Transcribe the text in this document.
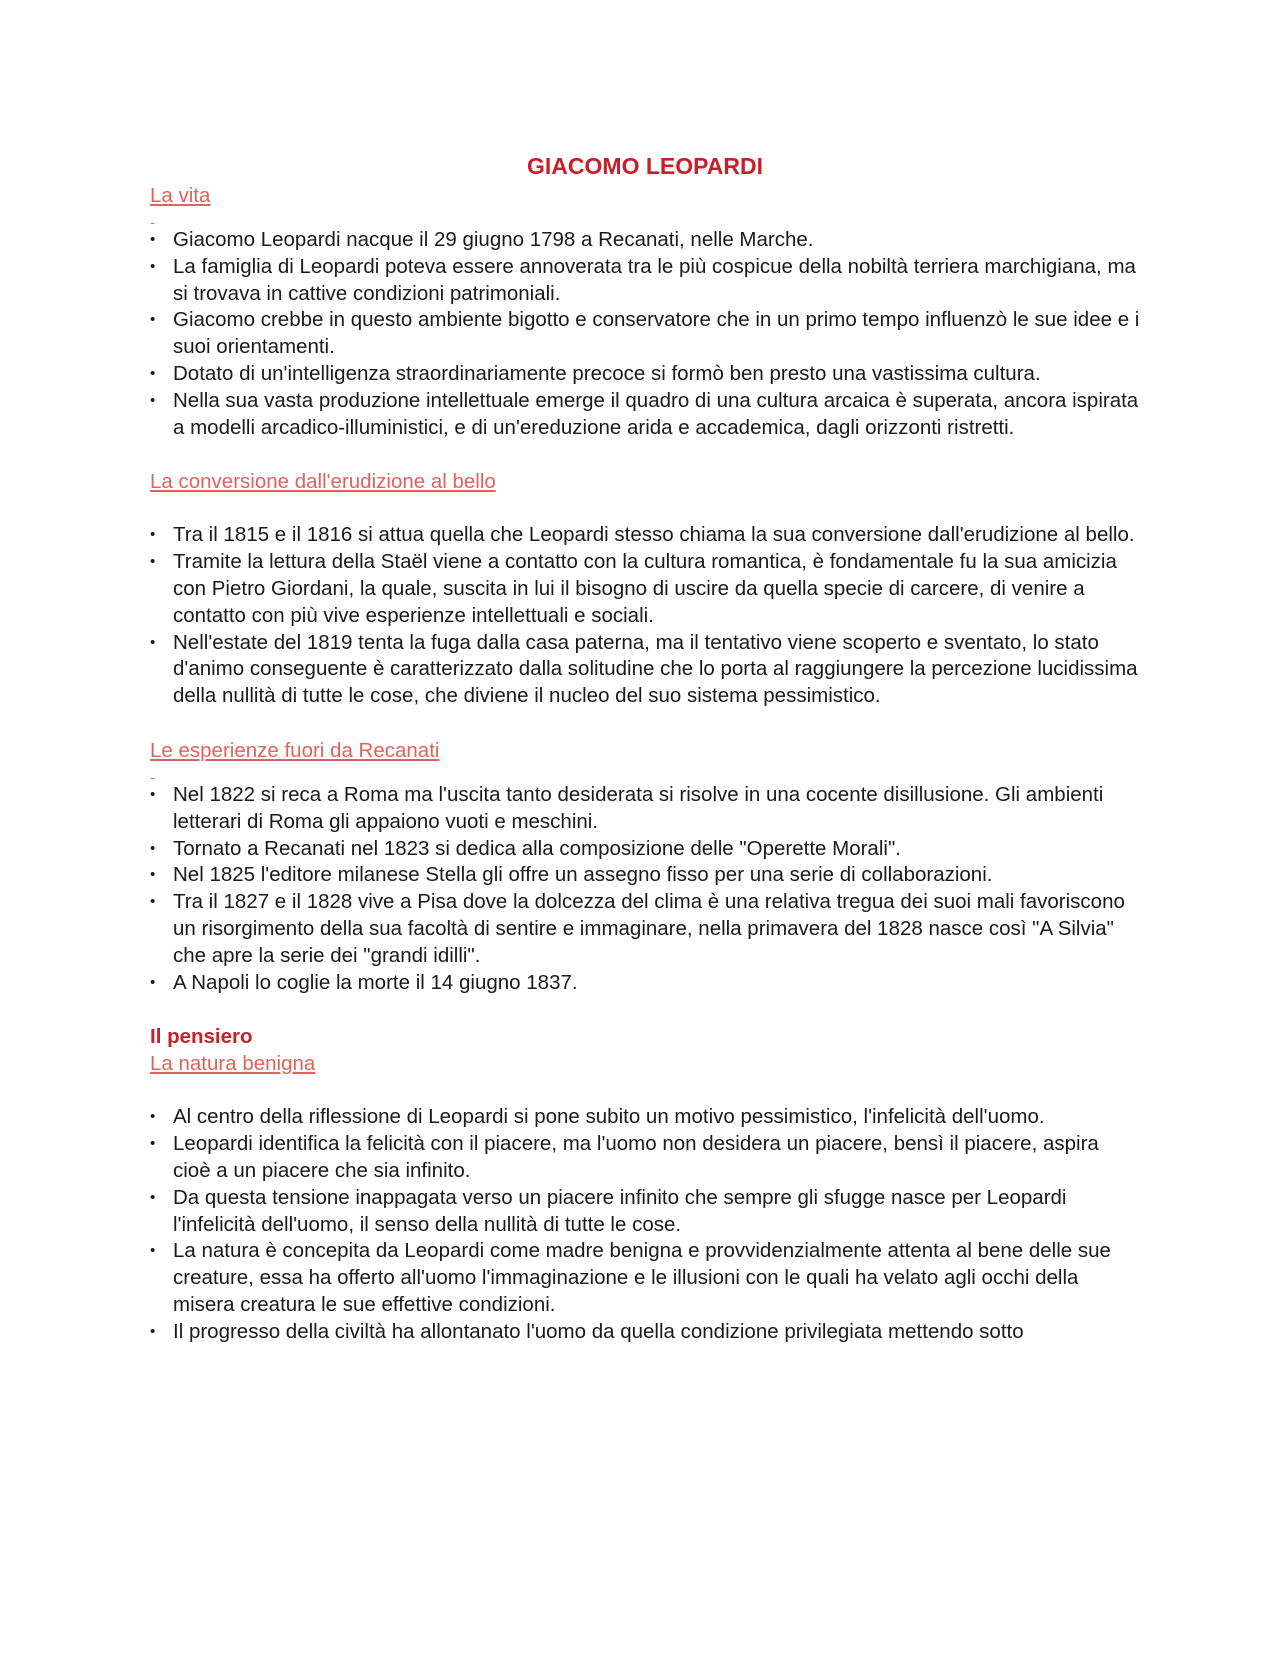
GIACOMO LEOPARDI
La vita

• Giacomo Leopardi nacque il 29 giugno 1798 a Recanati, nelle Marche.
• La famiglia di Leopardi poteva essere annoverata tra le più cospicue della nobiltà terriera marchigiana, ma si trovava in cattive condizioni patrimoniali.
• Giacomo crebbe in questo ambiente bigotto e conservatore che in un primo tempo influenzò le sue idee e i suoi orientamenti.
• Dotato di un'intelligenza straordinariamente precoce si formò ben presto una vastissima cultura.
• Nella sua vasta produzione intellettuale emerge il quadro di una cultura arcaica è superata, ancora ispirata a modelli arcadico-illuministici, e di un'ereduzione arida e accademica, dagli orizzonti ristretti.
La conversione dall'erudizione al bello
• Tra il 1815 e il 1816 si attua quella che Leopardi stesso chiama la sua conversione dall'erudizione al bello.
• Tramite la lettura della Staël viene a contatto con la cultura romantica, è fondamentale fu la sua amicizia con Pietro Giordani, la quale, suscita in lui il bisogno di uscire da quella specie di carcere, di venire a contatto con più vive esperienze intellettuali e sociali.
• Nell'estate del 1819 tenta la fuga dalla casa paterna, ma il tentativo viene scoperto e sventato, lo stato d'animo conseguente è caratterizzato dalla solitudine che lo porta al raggiungere la percezione lucidissima della nullità di tutte le cose, che diviene il nucleo del suo sistema pessimistico.
Le esperienze fuori da Recanati

• Nel 1822 si reca a Roma ma l'uscita tanto desiderata si risolve in una cocente disillusione. Gli ambienti letterari di Roma gli appaiono vuoti e meschini.
• Tornato a Recanati nel 1823 si dedica alla composizione delle "Operette Morali".
• Nel 1825 l'editore milanese Stella gli offre un assegno fisso per una serie di collaborazioni.
• Tra il 1827 e il 1828 vive a Pisa dove la dolcezza del clima è una relativa tregua dei suoi mali favoriscono un risorgimento della sua facoltà di sentire e immaginare, nella primavera del 1828 nasce così "A Silvia" che apre la serie dei "grandi idilli".
• A Napoli lo coglie la morte il 14 giugno 1837.
Il pensiero
La natura benigna
• Al centro della riflessione di Leopardi si pone subito un motivo pessimistico, l'infelicità dell'uomo.
• Leopardi identifica la felicità con il piacere, ma l'uomo non desidera un piacere, bensì il piacere, aspira cioè a un piacere che sia infinito.
• Da questa tensione inappagata verso un piacere infinito che sempre gli sfugge nasce per Leopardi l'infelicità dell'uomo, il senso della nullità di tutte le cose.
• La natura è concepita da Leopardi come madre benigna e provvidenzialmente attenta al bene delle sue creature, essa ha offerto all'uomo l'immaginazione e le illusioni con le quali ha velato agli occhi della misera creatura le sue effettive condizioni.
• Il progresso della civiltà ha allontanato l'uomo da quella condizione privilegiata mettendo sotto
